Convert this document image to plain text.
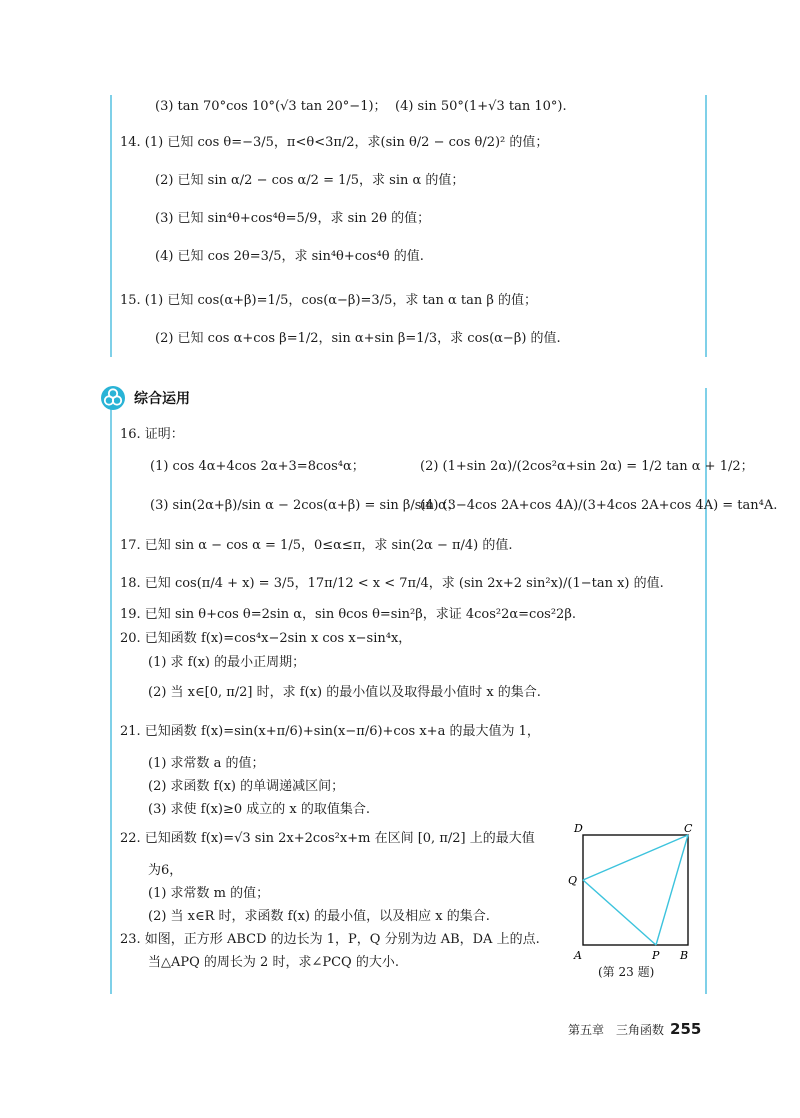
(3) tan 70°cos 10°(√3 tan 20°−1)； (4) sin 50°(1+√3 tan 10°).
14. (1) 已知 cos θ=−3/5，π<θ<3π/2，求(sin θ/2 − cos θ/2)² 的值；
(2) 已知 sin α/2 − cos α/2 = 1/5，求 sin α 的值；
(3) 已知 sin⁴θ+cos⁴θ=5/9，求 sin 2θ 的值；
(4) 已知 cos 2θ=3/5，求 sin⁴θ+cos⁴θ 的值.
15. (1) 已知 cos(α+β)=1/5，cos(α−β)=3/5，求 tan α tan β 的值；
(2) 已知 cos α+cos β=1/2，sin α+sin β=1/3，求 cos(α−β) 的值.
综合运用
16. 证明：
(1) cos 4α+4cos 2α+3=8cos⁴α；	(2) (1+sin 2α)/(2cos²α+sin 2α) = 1/2 tan α + 1/2；
(3) sin(2α+β)/sin α − 2cos(α+β) = sin β/sin α；
(4) (3−4cos 2A+cos 4A)/(3+4cos 2A+cos 4A) = tan⁴A.
17. 已知 sin α − cos α = 1/5，0≤α≤π，求 sin(2α − π/4) 的值.
18. 已知 cos(π/4 + x) = 3/5，17π/12 < x < 7π/4，求 (sin 2x+2 sin²x)/(1−tan x) 的值.
19. 已知 sin θ+cos θ=2sin α，sin θcos θ=sin²β，求证 4cos²2α=cos²2β.
20. 已知函数 f(x)=cos⁴x−2sin x cos x−sin⁴x，
(1) 求 f(x) 的最小正周期；
(2) 当 x∈[0, π/2] 时，求 f(x) 的最小值以及取得最小值时 x 的集合.
21. 已知函数 f(x)=sin(x+π/6)+sin(x−π/6)+cos x+a 的最大值为 1，
(1) 求常数 a 的值；
(2) 求函数 f(x) 的单调递减区间；
(3) 求使 f(x)≥0 成立的 x 的取值集合.
22. 已知函数 f(x)=√3 sin 2x+2cos²x+m 在区间 [0, π/2] 上的最大值
为6，
(1) 求常数 m 的值；
(2) 当 x∈R 时，求函数 f(x) 的最小值，以及相应 x 的集合.
23. 如图，正方形 ABCD 的边长为 1，P，Q 分别为边 AB，DA 上的点.
当△APQ 的周长为 2 时，求∠PCQ 的大小.
D	C
Q
A	P B
(第 23 题)
第五章　三角函数 255
